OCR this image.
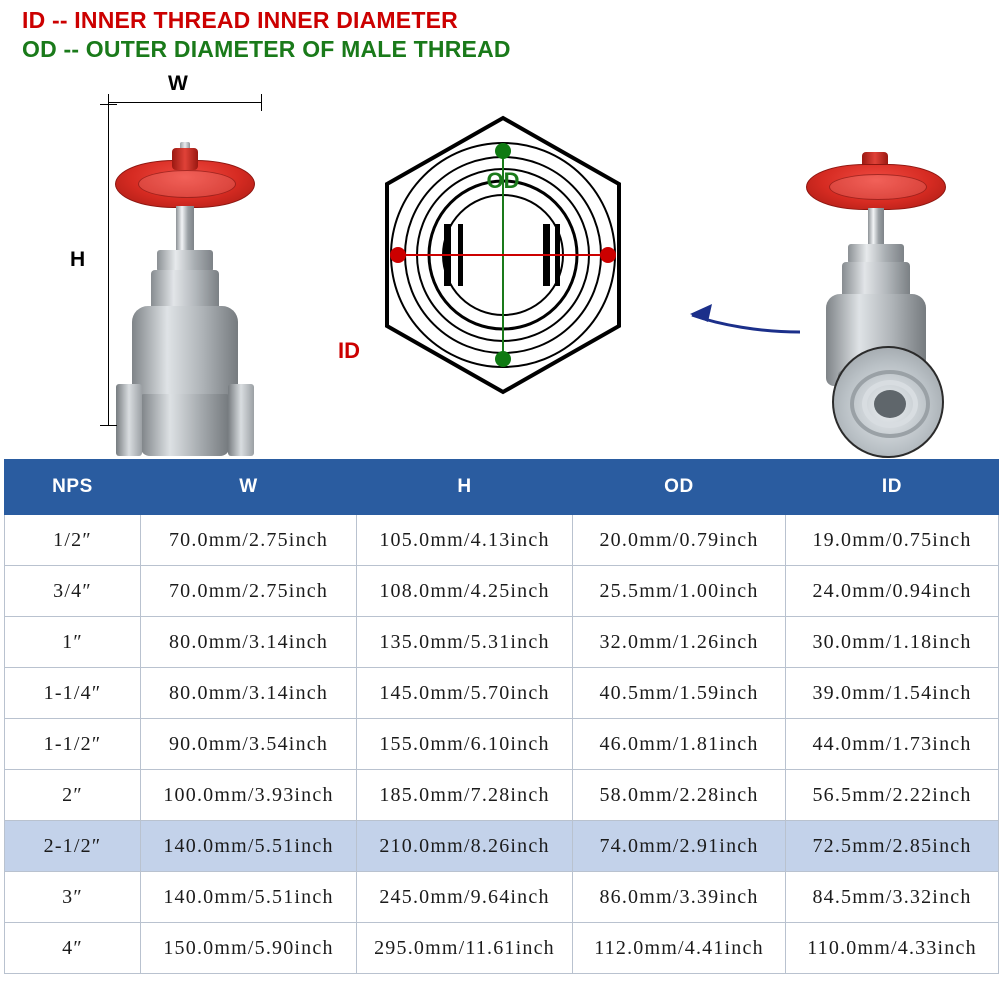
ID -- INNER THREAD INNER DIAMETER
OD -- OUTER DIAMETER OF MALE THREAD
W
H
OD
ID
NPS	W	H	OD	ID
1/2″	70.0mm/2.75inch	105.0mm/4.13inch	20.0mm/0.79inch	19.0mm/0.75inch
3/4″	70.0mm/2.75inch	108.0mm/4.25inch	25.5mm/1.00inch	24.0mm/0.94inch
1″	80.0mm/3.14inch	135.0mm/5.31inch	32.0mm/1.26inch	30.0mm/1.18inch
1-1/4″	80.0mm/3.14inch	145.0mm/5.70inch	40.5mm/1.59inch	39.0mm/1.54inch
1-1/2″	90.0mm/3.54inch	155.0mm/6.10inch	46.0mm/1.81inch	44.0mm/1.73inch
2″	100.0mm/3.93inch	185.0mm/7.28inch	58.0mm/2.28inch	56.5mm/2.22inch
2-1/2″	140.0mm/5.51inch	210.0mm/8.26inch	74.0mm/2.91inch	72.5mm/2.85inch
3″	140.0mm/5.51inch	245.0mm/9.64inch	86.0mm/3.39inch	84.5mm/3.32inch
4″	150.0mm/5.90inch	295.0mm/11.61inch	112.0mm/4.41inch	110.0mm/4.33inch
